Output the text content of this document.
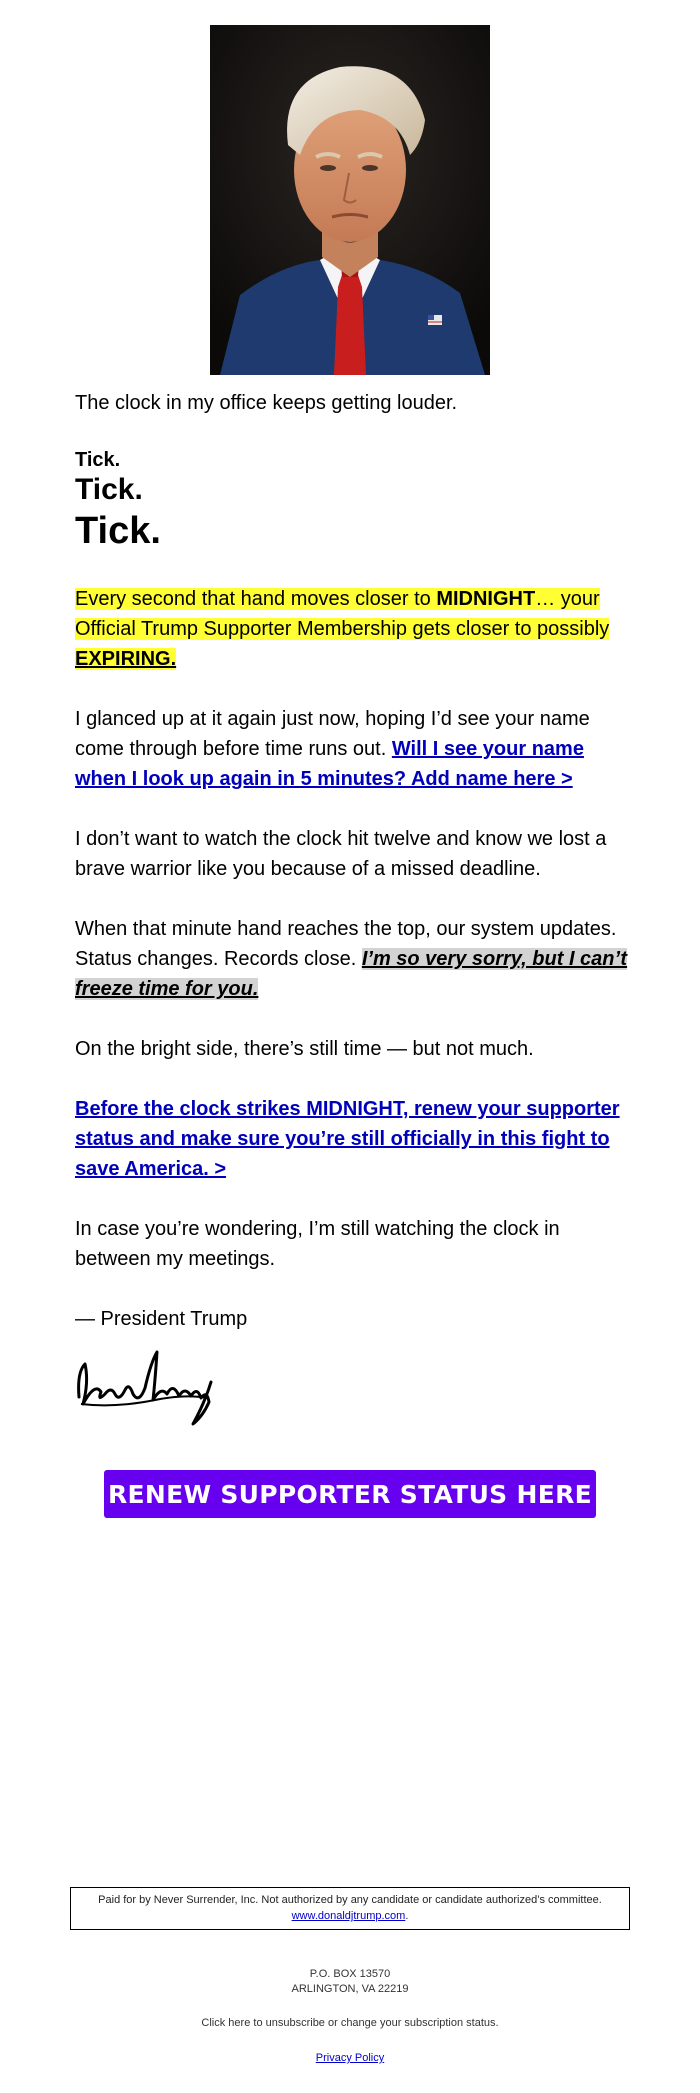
The clock in my office keeps getting louder.

Tick.
Tick.
Tick.

Every second that hand moves closer to MIDNIGHT… your Official Trump Supporter Membership gets closer to possibly EXPIRING.

I glanced up at it again just now, hoping I’d see your name come through before time runs out. Will I see your name when I look up again in 5 minutes? Add name here >

I don’t want to watch the clock hit twelve and know we lost a brave warrior like you because of a missed deadline.

When that minute hand reaches the top, our system updates. Status changes. Records close. I’m so very sorry, but I can’t freeze time for you.

On the bright side, there’s still time — but not much.

Before the clock strikes MIDNIGHT, renew your supporter status and make sure you’re still officially in this fight to save America. >

In case you’re wondering, I’m still watching the clock in between my meetings.

— President Trump

RENEW SUPPORTER STATUS HERE
Paid for by Never Surrender, Inc. Not authorized by any candidate or candidate authorized’s committee.
www.donaldjtrump.com.
P.O. BOX 13570
ARLINGTON, VA 22219
Click here to unsubscribe or change your subscription status.
Privacy Policy
